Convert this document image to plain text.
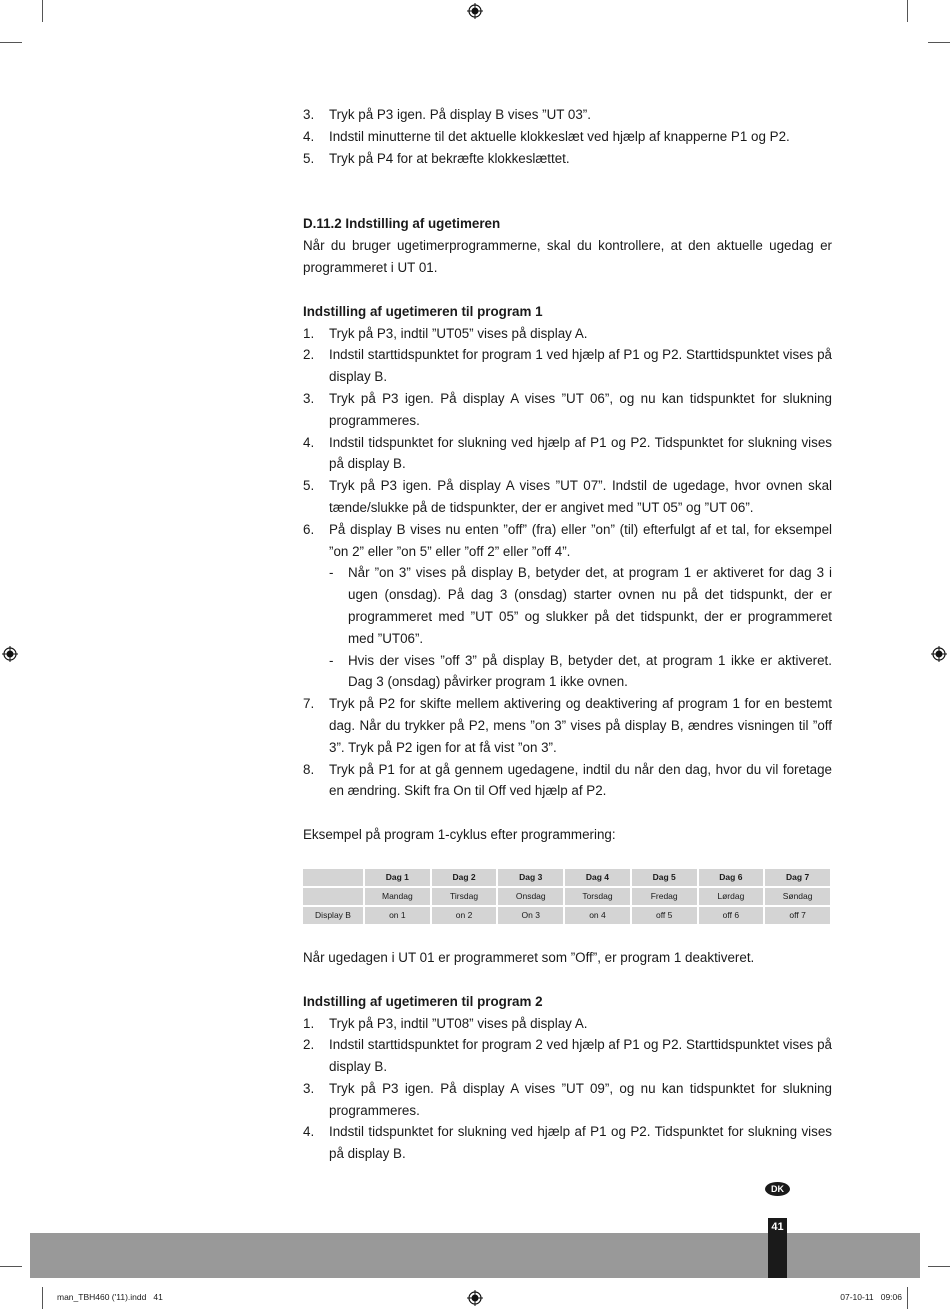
3. Tryk på P3 igen. På display B vises ”UT 03”.
4. Indstil minutterne til det aktuelle klokkeslæt ved hjælp af knapperne P1 og P2.
5. Tryk på P4 for at bekræfte klokkeslættet.

D.11.2 Indstilling af ugetimeren

Når du bruger ugetimerprogrammerne, skal du kontrollere, at den aktuelle ugedag er programmeret i UT 01.

Indstilling af ugetimeren til program 1

1. Tryk på P3, indtil ”UT05” vises på display A.
2. Indstil starttidspunktet for program 1 ved hjælp af P1 og P2. Starttidspunktet vises på display B.
3. Tryk på P3 igen. På display A vises ”UT 06”, og nu kan tidspunktet for slukning programmeres.
4. Indstil tidspunktet for slukning ved hjælp af P1 og P2. Tidspunktet for slukning vises på display B.
5. Tryk på P3 igen. På display A vises ”UT 07”. Indstil de ugedage, hvor ovnen skal tænde/slukke på de tidspunkter, der er angivet med ”UT 05” og ”UT 06”.
6. På display B vises nu enten ”off” (fra) eller ”on” (til) efterfulgt af et tal, for eksempel ”on 2” eller ”on 5” eller ”off 2” eller ”off 4”.
- Når ”on 3” vises på display B, betyder det, at program 1 er aktiveret for dag 3 i ugen (onsdag). På dag 3 (onsdag) starter ovnen nu på det tidspunkt, der er programmeret med ”UT 05” og slukker på det tidspunkt, der er programmeret med ”UT06”.
- Hvis der vises ”off 3” på display B, betyder det, at program 1 ikke er aktiveret. Dag 3 (onsdag) påvirker program 1 ikke ovnen.
7. Tryk på P2 for skifte mellem aktivering og deaktivering af program 1 for en bestemt dag. Når du trykker på P2, mens ”on 3” vises på display B, ændres visningen til ”off 3”. Tryk på P2 igen for at få vist ”on 3”.
8. Tryk på P1 for at gå gennem ugedagene, indtil du når den dag, hvor du vil foretage en ændring. Skift fra On til Off ved hjælp af P2.

Eksempel på program 1-cyklus efter programmering:

	Dag 1	Dag 2	Dag 3	Dag 4	Dag 5	Dag 6	Dag 7
	Mandag	Tirsdag	Onsdag	Torsdag	Fredag	Lørdag	Søndag
Display B	on 1	on 2	On 3	on 4	off 5	off 6	off 7

Når ugedagen i UT 01 er programmeret som ”Off”, er program 1 deaktiveret.

Indstilling af ugetimeren til program 2

1. Tryk på P3, indtil ”UT08” vises på display A.
2. Indstil starttidspunktet for program 2 ved hjælp af P1 og P2. Starttidspunktet vises på display B.
3. Tryk på P3 igen. På display A vises ”UT 09”, og nu kan tidspunktet for slukning programmeres.
4. Indstil tidspunktet for slukning ved hjælp af P1 og P2. Tidspunktet for slukning vises på display B.
DK
41
man_TBH460 ('11).indd   41	07-10-11   09:06
